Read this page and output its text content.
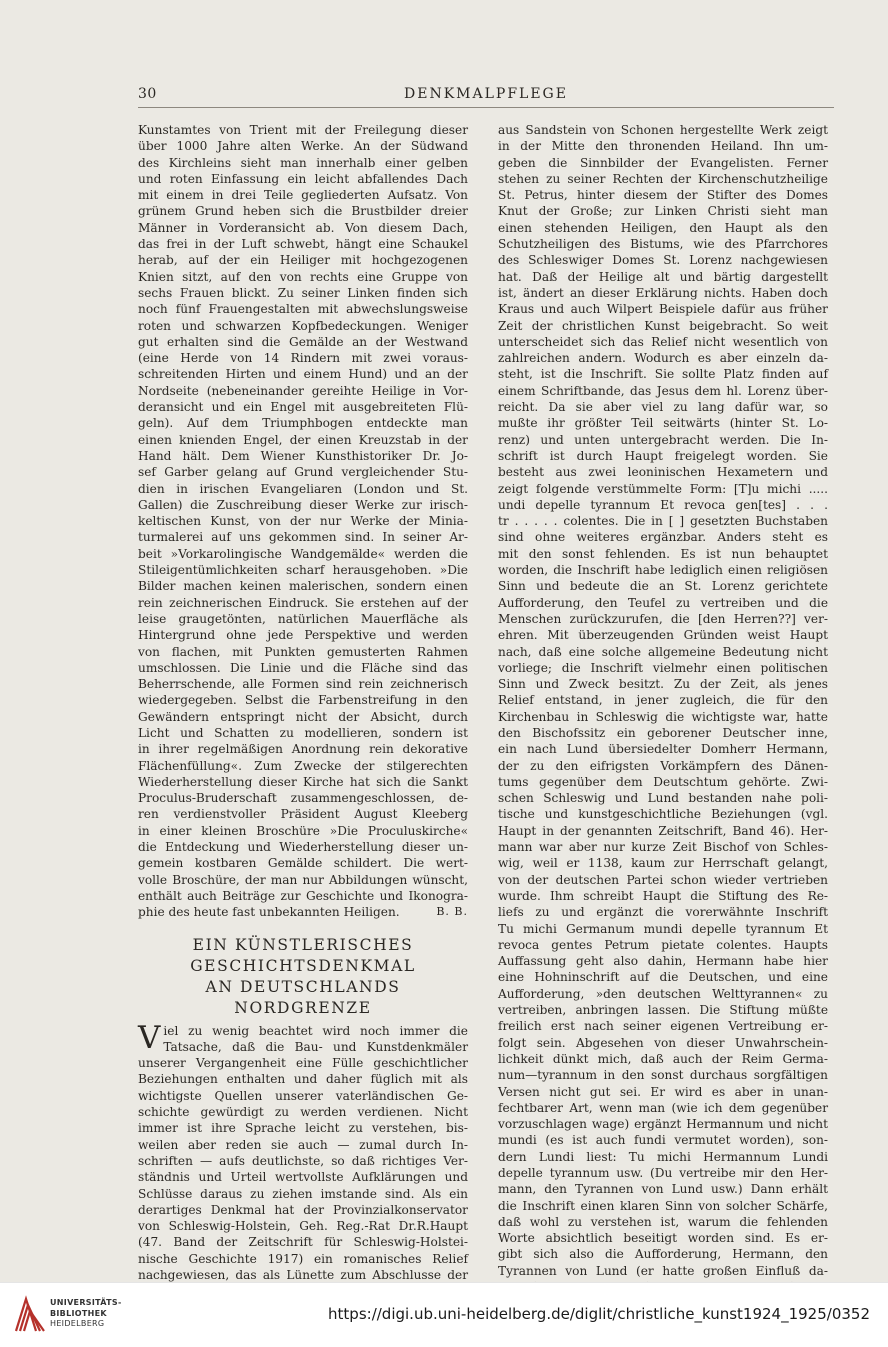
30	DENKMALPFLEGE

Kunstamtes von Trient mit der Freilegung dieser
über 1000 Jahre alten Werke. An der Südwand
des Kirchleins sieht man innerhalb einer gelben
und roten Einfassung ein leicht abfallendes Dach
mit einem in drei Teile gegliederten Aufsatz. Von
grünem Grund heben sich die Brustbilder dreier
Männer in Vorderansicht ab. Von diesem Dach,
das frei in der Luft schwebt, hängt eine Schaukel
herab, auf der ein Heiliger mit hochgezogenen
Knien sitzt, auf den von rechts eine Gruppe von
sechs Frauen blickt. Zu seiner Linken finden sich
noch fünf Frauengestalten mit abwechslungsweise
roten und schwarzen Kopfbedeckungen. Weniger
gut erhalten sind die Gemälde an der Westwand
(eine Herde von 14 Rindern mit zwei voraus-
schreitenden Hirten und einem Hund) und an der
Nordseite (nebeneinander gereihte Heilige in Vor-
deransicht und ein Engel mit ausgebreiteten Flü-
geln). Auf dem Triumphbogen entdeckte man
einen knienden Engel, der einen Kreuzstab in der
Hand hält. Dem Wiener Kunsthistoriker Dr. Jo-
sef Garber gelang auf Grund vergleichender Stu-
dien in irischen Evangeliaren (London und St.
Gallen) die Zuschreibung dieser Werke zur irisch-
keltischen Kunst, von der nur Werke der Minia-
turmalerei auf uns gekommen sind. In seiner Ar-
beit »Vorkarolingische Wandgemälde« werden die
Stileigentümlichkeiten scharf herausgehoben. »Die
Bilder machen keinen malerischen, sondern einen
rein zeichnerischen Eindruck. Sie erstehen auf der
leise graugetönten, natürlichen Mauerfläche als
Hintergrund ohne jede Perspektive und werden
von flachen, mit Punkten gemusterten Rahmen
umschlossen. Die Linie und die Fläche sind das
Beherrschende, alle Formen sind rein zeichnerisch
wiedergegeben. Selbst die Farbenstreifung in den
Gewändern entspringt nicht der Absicht, durch
Licht und Schatten zu modellieren, sondern ist
in ihrer regelmäßigen Anordnung rein dekorative
Flächenfüllung«. Zum Zwecke der stilgerechten
Wiederherstellung dieser Kirche hat sich die Sankt
Proculus-Bruderschaft zusammengeschlossen, de-
ren verdienstvoller Präsident August Kleeberg
in einer kleinen Broschüre »Die Proculuskirche«
die Entdeckung und Wiederherstellung dieser un-
gemein kostbaren Gemälde schildert. Die wert-
volle Broschüre, der man nur Abbildungen wünscht,
enthält auch Beiträge zur Geschichte und Ikonogra-

phie des heute fast unbekannten Heiligen.	B. B.

EIN KÜNSTLERISCHES
GESCHICHTSDENKMAL
AN DEUTSCHLANDS NORDGRENZE

V iel zu wenig beachtet wird noch immer die
Tatsache, daß die Bau- und Kunstdenkmäler
unserer Vergangenheit eine Fülle geschichtlicher
Beziehungen enthalten und daher füglich mit als
wichtigste Quellen unserer vaterländischen Ge-
schichte gewürdigt zu werden verdienen. Nicht
immer ist ihre Sprache leicht zu verstehen, bis-
weilen aber reden sie auch — zumal durch In-
schriften — aufs deutlichste, so daß richtiges Ver-
ständnis und Urteil wertvollste Aufklärungen und
Schlüsse daraus zu ziehen imstande sind. Als ein
derartiges Denkmal hat der Provinzialkonservator
von Schleswig-Holstein, Geh. Reg.-Rat Dr.R.Haupt
(47. Band der Zeitschrift für Schleswig-Holstei-
nische Geschichte 1917) ein romanisches Relief
nachgewiesen, das als Lünette zum Abschlusse der

aus Sandstein von Schonen hergestellte Werk zeigt
in der Mitte den thronenden Heiland. Ihn um-
geben die Sinnbilder der Evangelisten. Ferner
stehen zu seiner Rechten der Kirchenschutzheilige
St. Petrus, hinter diesem der Stifter des Domes
Knut der Große; zur Linken Christi sieht man
einen stehenden Heiligen, den Haupt als den
Schutzheiligen des Bistums, wie des Pfarrchores
des Schleswiger Domes St. Lorenz nachgewiesen
hat. Daß der Heilige alt und bärtig dargestellt
ist, ändert an dieser Erklärung nichts. Haben doch
Kraus und auch Wilpert Beispiele dafür aus früher
Zeit der christlichen Kunst beigebracht. So weit
unterscheidet sich das Relief nicht wesentlich von
zahlreichen andern. Wodurch es aber einzeln da-
steht, ist die Inschrift. Sie sollte Platz finden auf
einem Schriftbande, das Jesus dem hl. Lorenz über-
reicht. Da sie aber viel zu lang dafür war, so
mußte ihr größter Teil seitwärts (hinter St. Lo-
renz) und unten untergebracht werden. Die In-
schrift ist durch Haupt freigelegt worden. Sie
besteht aus zwei leoninischen Hexametern und
zeigt folgende verstümmelte Form: [T]u michi .....
undi depelle tyrannum Et revoca gen[tes] . . .
tr . . . . . colentes. Die in [ ] gesetzten Buchstaben
sind ohne weiteres ergänzbar. Anders steht es
mit den sonst fehlenden. Es ist nun behauptet
worden, die Inschrift habe lediglich einen religiösen
Sinn und bedeute die an St. Lorenz gerichtete
Aufforderung, den Teufel zu vertreiben und die
Menschen zurückzurufen, die [den Herren??] ver-
ehren. Mit überzeugenden Gründen weist Haupt
nach, daß eine solche allgemeine Bedeutung nicht
vorliege; die Inschrift vielmehr einen politischen
Sinn und Zweck besitzt. Zu der Zeit, als jenes
Relief entstand, in jener zugleich, die für den
Kirchenbau in Schleswig die wichtigste war, hatte
den Bischofssitz ein geborener Deutscher inne,
ein nach Lund übersiedelter Domherr Hermann,
der zu den eifrigsten Vorkämpfern des Dänen-
tums gegenüber dem Deutschtum gehörte. Zwi-
schen Schleswig und Lund bestanden nahe poli-
tische und kunstgeschichtliche Beziehungen (vgl.
Haupt in der genannten Zeitschrift, Band 46). Her-
mann war aber nur kurze Zeit Bischof von Schles-
wig, weil er 1138, kaum zur Herrschaft gelangt,
von der deutschen Partei schon wieder vertrieben
wurde. Ihm schreibt Haupt die Stiftung des Re-
liefs zu und ergänzt die vorerwähnte Inschrift
Tu michi Germanum mundi depelle tyrannum Et
revoca gentes Petrum pietate colentes. Haupts
Auffassung geht also dahin, Hermann habe hier
eine Hohninschrift auf die Deutschen, und eine
Aufforderung, »den deutschen Welttyrannen« zu
vertreiben, anbringen lassen. Die Stiftung müßte
freilich erst nach seiner eigenen Vertreibung er-
folgt sein. Abgesehen von dieser Unwahrschein-
lichkeit dünkt mich, daß auch der Reim Germa-
num—tyrannum in den sonst durchaus sorgfältigen
Versen nicht gut sei. Er wird es aber in unan-
fechtbarer Art, wenn man (wie ich dem gegenüber
vorzuschlagen wage) ergänzt Hermannum und nicht
mundi (es ist auch fundi vermutet worden), son-
dern Lundi liest: Tu michi Hermannum Lundi
depelle tyrannum usw. (Du vertreibe mir den Her-
mann, den Tyrannen von Lund usw.) Dann erhält
die Inschrift einen klaren Sinn von solcher Schärfe,
daß wohl zu verstehen ist, warum die fehlenden
Worte absichtlich beseitigt worden sind. Es er-
gibt sich also die Aufforderung, Hermann, den
Tyrannen von Lund (er hatte großen Einfluß da-

UNIVERSITÄTS-
BIBLIOTHEK
HEIDELBERG
https://digi.ub.uni-heidelberg.de/diglit/christliche_kunst1924_1925/0352
